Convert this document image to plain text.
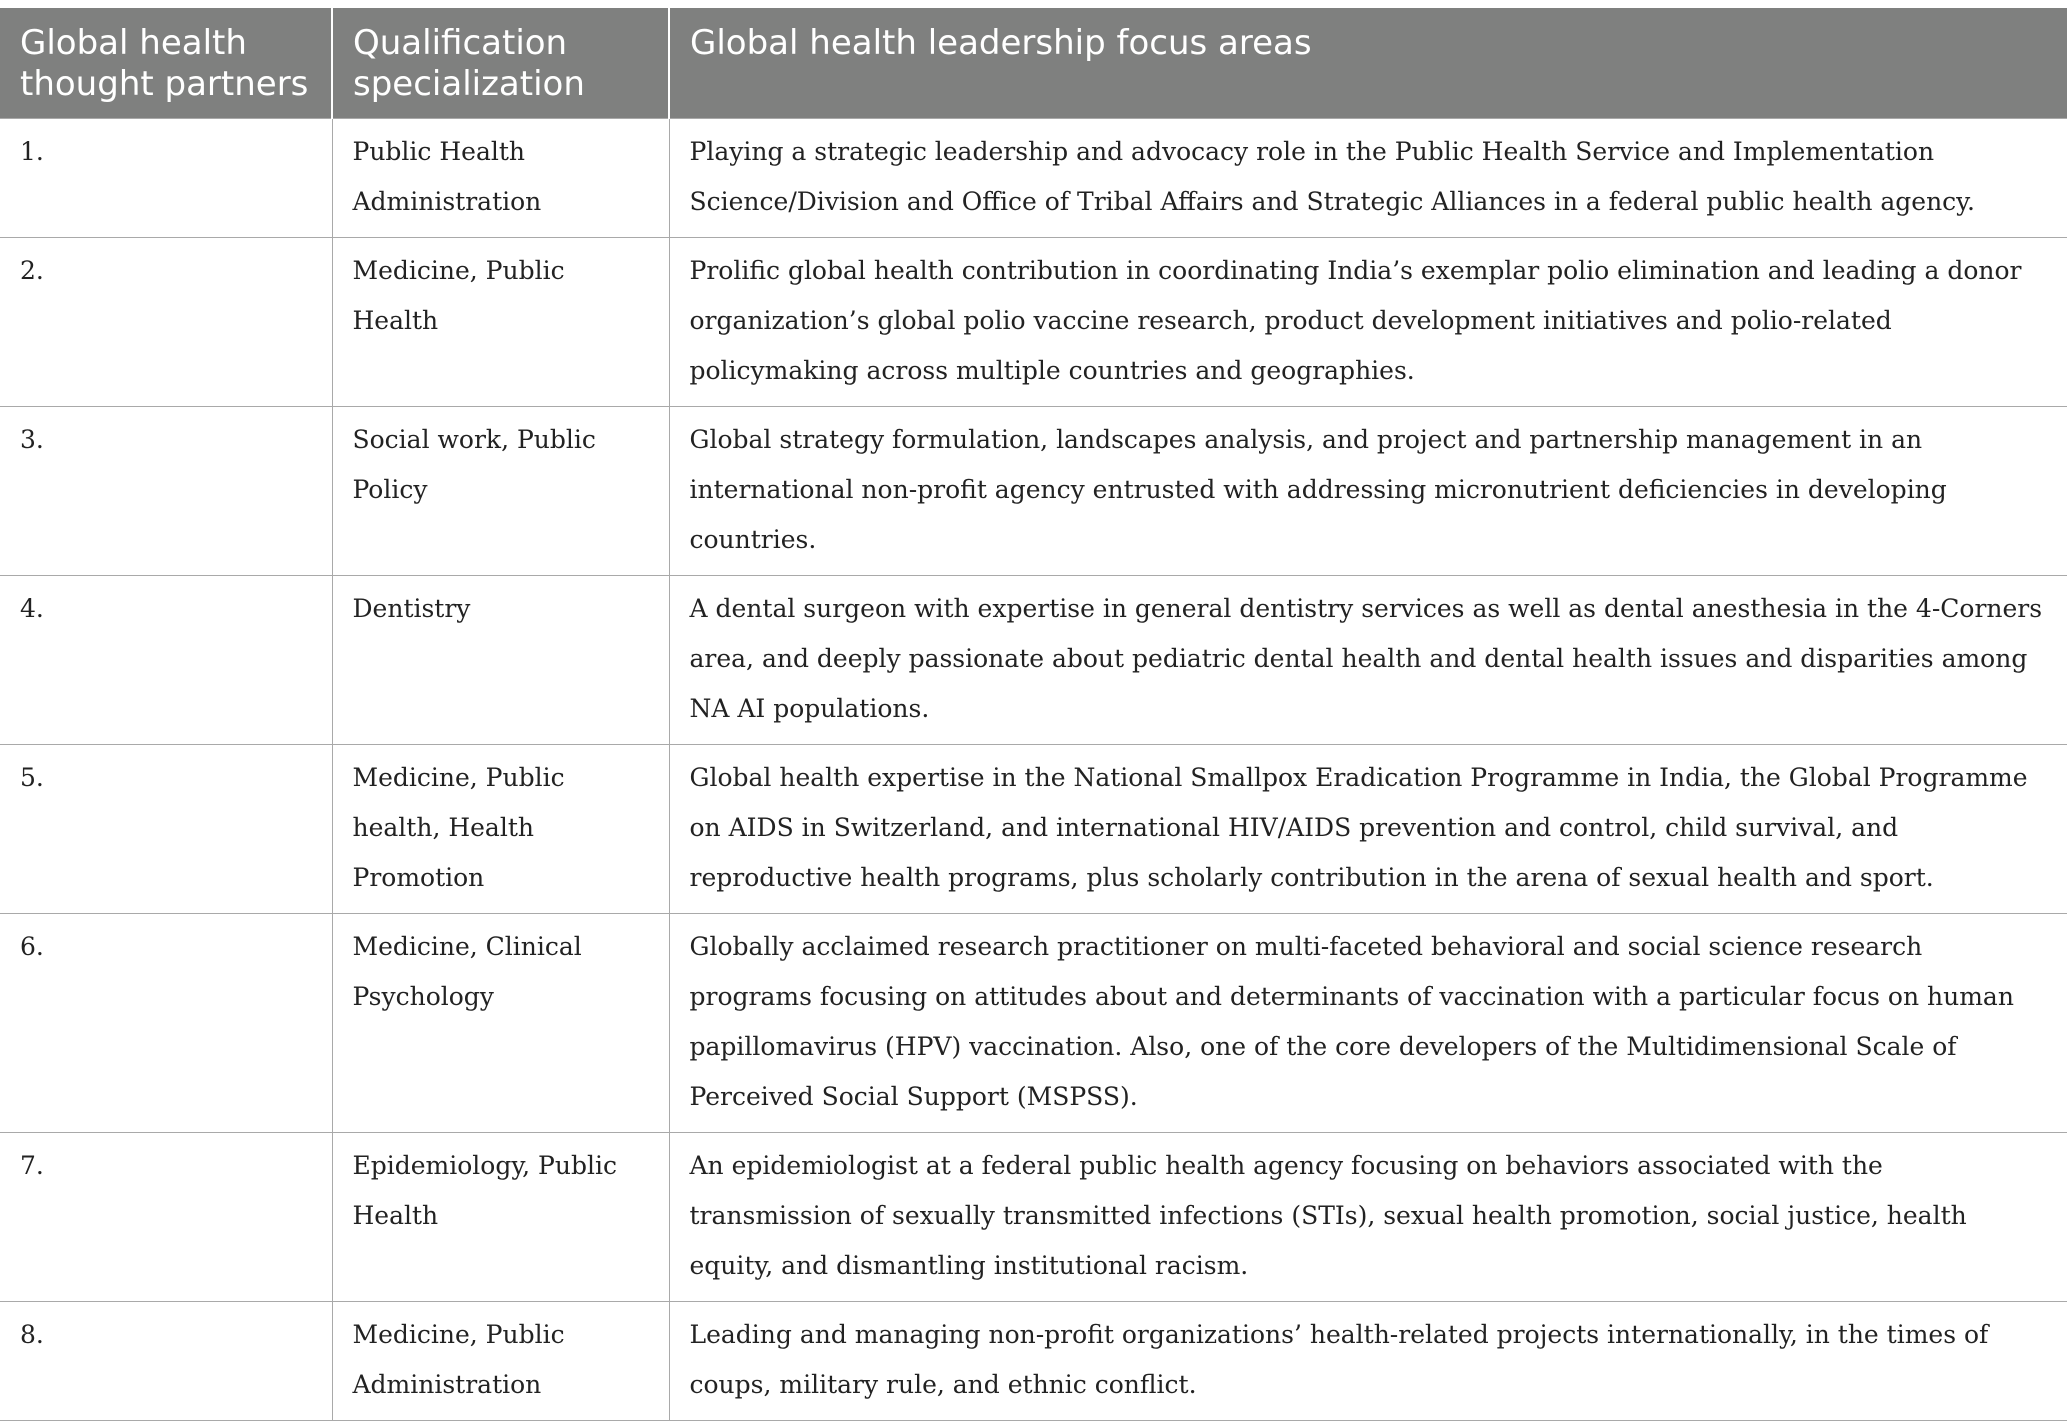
Global health thought partners	Qualification specialization	Global health leadership focus areas
1.	Public Health Administration	Playing a strategic leadership and advocacy role in the Public Health Service and Implementation Science/Division and Office of Tribal Affairs and Strategic Alliances in a federal public health agency.
2.	Medicine, Public Health	Prolific global health contribution in coordinating India’s exemplar polio elimination and leading a donor organization’s global polio vaccine research, product development initiatives and polio-related policymaking across multiple countries and geographies.
3.	Social work, Public Policy	Global strategy formulation, landscapes analysis, and project and partnership management in an international non-profit agency entrusted with addressing micronutrient deficiencies in developing countries.
4.	Dentistry	A dental surgeon with expertise in general dentistry services as well as dental anesthesia in the 4-Corners area, and deeply passionate about pediatric dental health and dental health issues and disparities among NA AI populations.
5.	Medicine, Public health, Health Promotion	Global health expertise in the National Smallpox Eradication Programme in India, the Global Programme on AIDS in Switzerland, and international HIV/AIDS prevention and control, child survival, and reproductive health programs, plus scholarly contribution in the arena of sexual health and sport.
6.	Medicine, Clinical Psychology	Globally acclaimed research practitioner on multi-faceted behavioral and social science research programs focusing on attitudes about and determinants of vaccination with a particular focus on human papillomavirus (HPV) vaccination. Also, one of the core developers of the Multidimensional Scale of Perceived Social Support (MSPSS).
7.	Epidemiology, Public Health	An epidemiologist at a federal public health agency focusing on behaviors associated with the transmission of sexually transmitted infections (STIs), sexual health promotion, social justice, health equity, and dismantling institutional racism.
8.	Medicine, Public Administration	Leading and managing non-profit organizations’ health-related projects internationally, in the times of coups, military rule, and ethnic conflict.
